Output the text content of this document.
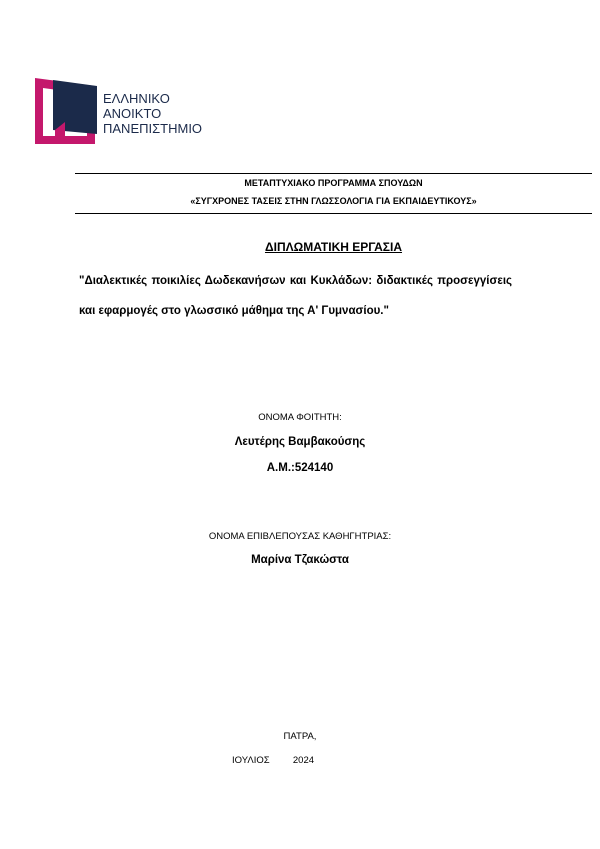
ΕΛΛΗΝΙΚΟ
ΑΝΟΙΚΤΟ
ΠΑΝΕΠΙΣΤΗΜΙΟ
ΜΕΤΑΠΤΥΧΙΑΚΟ ΠΡΟΓΡΑΜΜΑ ΣΠΟΥΔΩΝ
«ΣΥΓΧΡΟΝΕΣ ΤΑΣΕΙΣ ΣΤΗΝ ΓΛΩΣΣΟΛΟΓΙΑ ΓΙΑ ΕΚΠΑΙΔΕΥΤΙΚΟΥΣ»
ΔΙΠΛΩΜΑΤΙΚΗ ΕΡΓΑΣΙΑ
"Διαλεκτικές ποικιλίες Δωδεκανήσων και Κυκλάδων: διδακτικές προσεγγίσεις και εφαρμογές στο γλωσσικό μάθημα της Α' Γυμνασίου."
ΟΝΟΜΑ ΦΟΙΤΗΤΗ:
Λευτέρης Βαμβακούσης
Α.Μ.:524140
ΟΝΟΜΑ ΕΠΙΒΛΕΠΟΥΣΑΣ ΚΑΘΗΓΗΤΡΙΑΣ:
Μαρίνα Τζακώστα
ΠΑΤΡΑ,
ΙΟΥΛΙΟΣ 2024
